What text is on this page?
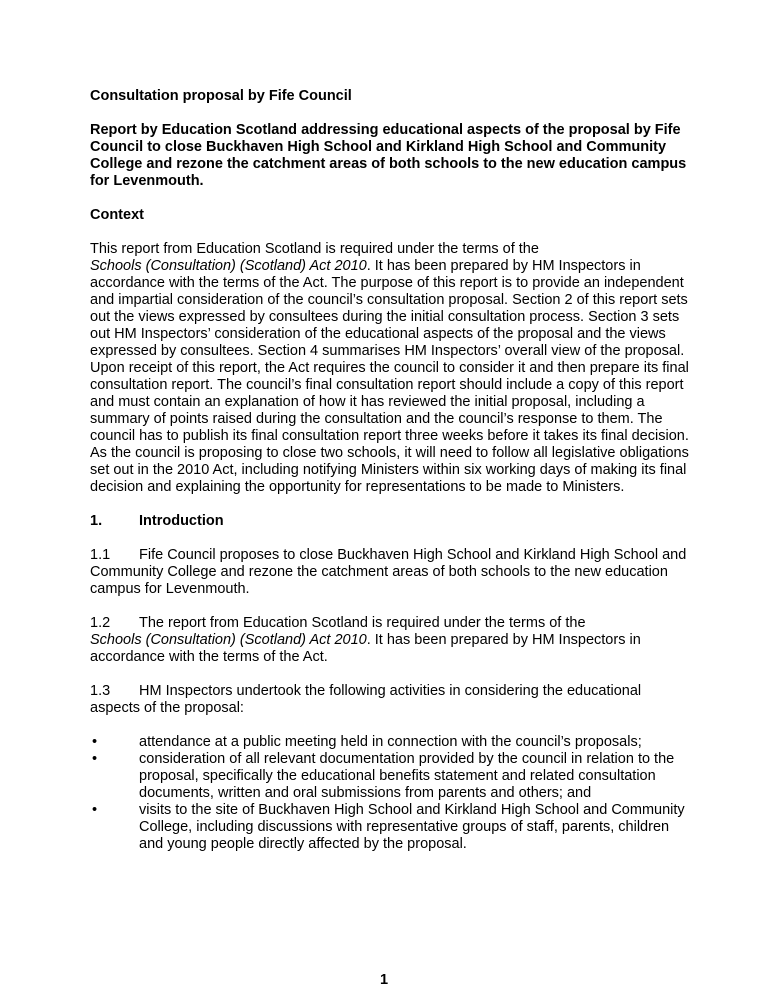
Consultation proposal by Fife Council

Report by Education Scotland addressing educational aspects of the proposal by Fife Council to close Buckhaven High School and Kirkland High School and Community College and rezone the catchment areas of both schools to the new education campus for Levenmouth.

Context

This report from Education Scotland is required under the terms of the
Schools (Consultation) (Scotland) Act 2010. It has been prepared by HM Inspectors in accordance with the terms of the Act. The purpose of this report is to provide an independent and impartial consideration of the council’s consultation proposal. Section 2 of this report sets out the views expressed by consultees during the initial consultation process. Section 3 sets out HM Inspectors’ consideration of the educational aspects of the proposal and the views expressed by consultees. Section 4 summarises HM Inspectors’ overall view of the proposal. Upon receipt of this report, the Act requires the council to consider it and then prepare its final consultation report. The council’s final consultation report should include a copy of this report and must contain an explanation of how it has reviewed the initial proposal, including a summary of points raised during the consultation and the council’s response to them. The council has to publish its final consultation report three weeks before it takes its final decision. As the council is proposing to close two schools, it will need to follow all legislative obligations set out in the 2010 Act, including notifying Ministers within six working days of making its final decision and explaining the opportunity for representations to be made to Ministers.

1.	Introduction

1.1 Fife Council proposes to close Buckhaven High School and Kirkland High School and Community College and rezone the catchment areas of both schools to the new education campus for Levenmouth.

1.2 The report from Education Scotland is required under the terms of the
Schools (Consultation) (Scotland) Act 2010. It has been prepared by HM Inspectors in accordance with the terms of the Act.

1.3 HM Inspectors undertook the following activities in considering the educational aspects of the proposal:

•	attendance at a public meeting held in connection with the council’s proposals;
•	consideration of all relevant documentation provided by the council in relation to the proposal, specifically the educational benefits statement and related consultation documents, written and oral submissions from parents and others; and
•	visits to the site of Buckhaven High School and Kirkland High School and Community College, including discussions with representative groups of staff, parents, children and young people directly affected by the proposal.
1
